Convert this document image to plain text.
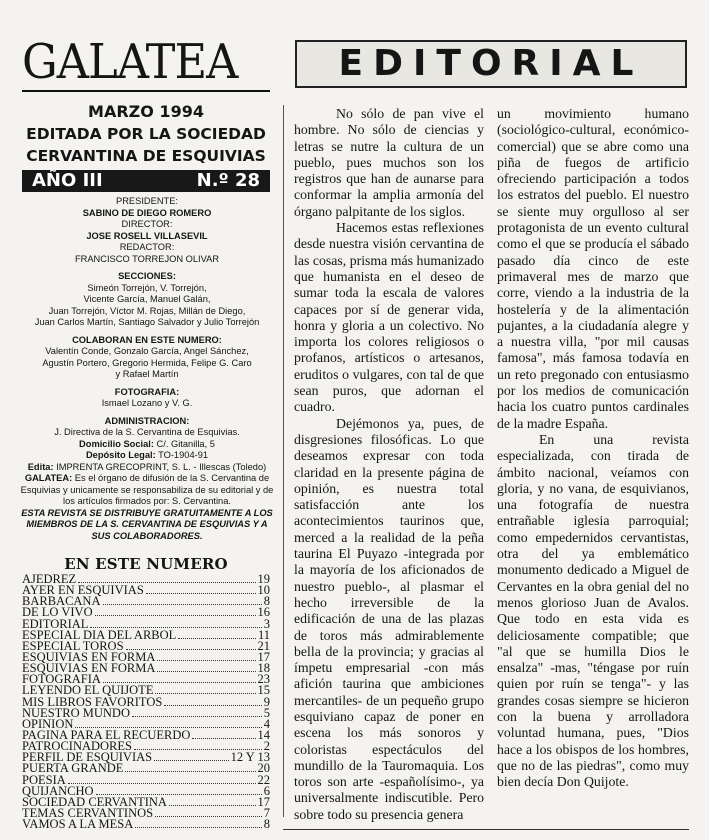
GALATEA	EDITORIAL
MARZO 1994
EDITADA POR LA SOCIEDAD
CERVANTINA DE ESQUIVIAS
AÑO III	N.º 28
PRESIDENTE:
SABINO DE DIEGO ROMERO
DIRECTOR:
JOSE ROSELL VILLASEVIL
REDACTOR:
FRANCISCO TORREJON OLIVAR
SECCIONES:
Simeón Torrejón, V. Torrejón,
Vicente García, Manuel Galán,
Juan Torrejón, Víctor M. Rojas, Millán de Diego,
Juan Carlos Martín, Santiago Salvador y Julio Torrejón
COLABORAN EN ESTE NUMERO:
Valentín Conde, Gonzalo García, Angel Sánchez,
Agustín Portero, Gregorio Hermida, Felipe G. Caro
y Rafael Martín
FOTOGRAFIA:
Ismael Lozano y V. G.
ADMINISTRACION:
J. Directiva de la S. Cervantina de Esquivias.
Domicilio Social: C/. Gitanilla, 5
Depósito Legal: TO-1904-91
Edita: IMPRENTA GRECOPRINT, S. L. - Illescas (Toledo)
GALATEA: Es el órgano de difusión de la S. Cervantina de Esquivias y unicamente se responsabiliza de su editorial y de los artículos firmados por: S. Cervantina.
ESTA REVISTA SE DISTRIBUYE GRATUITAMENTE A LOS MIEMBROS DE LA S. CERVANTINA DE ESQUIVIAS Y A SUS COLABORADORES.
EN ESTE NUMERO
AJEDREZ	19
AYER EN ESQUIVIAS	10
BARBACANA	8
DE LO VIVO	16
EDITORIAL	3
ESPECIAL DIA DEL ARBOL	11
ESPECIAL TOROS	21
ESQUIVIAS EN FORMA	17
ESQUIVIAS EN FORMA	18
FOTOGRAFIA	23
LEYENDO EL QUIJOTE	15
MIS LIBROS FAVORITOS	9
NUESTRO MUNDO	5
OPINION	4
PAGINA PARA EL RECUERDO	14
PATROCINADORES	2
PERFIL DE ESQUIVIAS	12 Y 13
PUERTA GRANDE	20
POESIA	22
QUIJANCHO	6
SOCIEDAD CERVANTINA	17
TEMAS CERVANTINOS	7
VAMOS A LA MESA	8

No sólo de pan vive el hombre. No sólo de ciencias y letras se nutre la cultura de un pueblo, pues muchos son los registros que han de aunarse para conformar la amplia armonía del órgano palpitante de los siglos.

Hacemos estas reflexiones desde nuestra visión cervantina de las cosas, prisma más humanizado que humanista en el deseo de sumar toda la escala de valores capaces por sí de generar vida, honra y gloria a un colectivo. No importa los colores religiosos o profanos, artísticos o artesanos, eruditos o vulgares, con tal de que sean puros, que adornan el cuadro.

Dejémonos ya, pues, de disgresiones filosóficas. Lo que deseamos expresar con toda claridad en la presente página de opinión, es nuestra total satisfacción ante los acontecimientos taurinos que, merced a la realidad de la peña taurina El Puyazo -integrada por la mayoría de los aficionados de nuestro pueblo-, al plasmar el hecho irreversible de la edificación de una de las plazas de toros más admirablemente bella de la provincia; y gracias al ímpetu empresarial -con más afición taurina que ambiciones mercantiles- de un pequeño grupo esquiviano capaz de poner en escena los más sonoros y coloristas espectáculos del mundillo de la Tauromaquia. Los toros son arte -españolísimo-, ya universalmente indiscutible. Pero sobre todo su presencia genera

un movimiento humano (sociológico-cultural, económico-comercial) que se abre como una piña de fuegos de artificio ofreciendo participación a todos los estratos del pueblo. El nuestro se siente muy orgulloso al ser protagonista de un evento cultural como el que se producía el sábado pasado día cinco de este primaveral mes de marzo que corre, viendo a la industria de la hostelería y de la alimentación pujantes, a la ciudadanía alegre y a nuestra villa, "por mil causas famosa", más famosa todavía en un reto pregonado con entusiasmo por los medios de comunicación hacia los cuatro puntos cardinales de la madre España.

En una revista especializada, con tirada de ámbito nacional, veíamos con gloria, y no vana, de esquivianos, una fotografía de nuestra entrañable iglesia parroquial; como empedernidos cervantistas, otra del ya emblemático monumento dedicado a Miguel de Cervantes en la obra genial del no menos glorioso Juan de Avalos. Que todo en esta vida es deliciosamente compatible; que "al que se humilla Dios le ensalza" -mas, "téngase por ruín quien por ruín se tenga"- y las grandes cosas siempre se hicieron con la buena y arrolladora voluntad humana, pues, "Dios hace a los obispos de los hombres, que no de las piedras", como muy bien decía Don Quijote.
